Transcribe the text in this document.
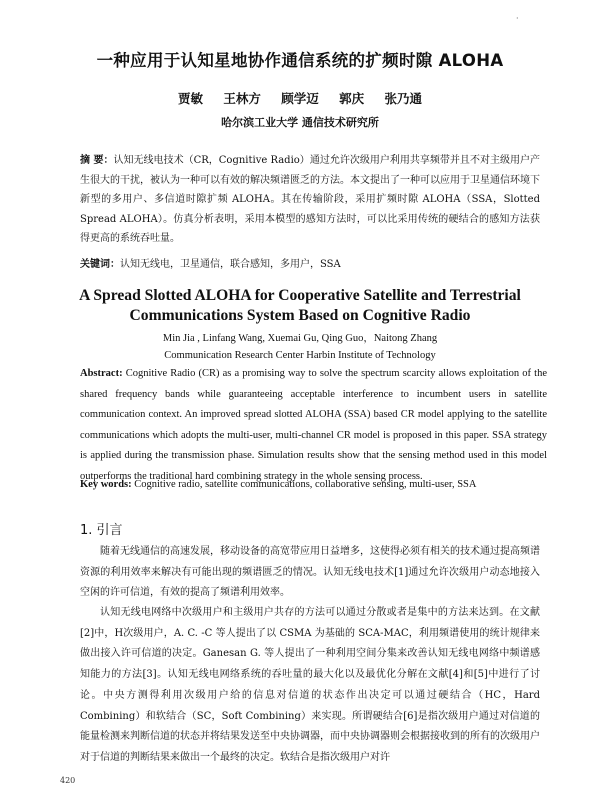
·
一种应用于认知星地协作通信系统的扩频时隙 ALOHA
贾敏 王林方 顾学迈 郭庆 张乃通
哈尔滨工业大学 通信技术研究所
摘 要：认知无线电技术（CR，Cognitive Radio）通过允许次级用户利用共享频带并且不对主级用户产生很大的干扰，被认为一种可以有效的解决频谱匮乏的方法。本文提出了一种可以应用于卫星通信环境下新型的多用户、多信道时隙扩频 ALOHA。其在传输阶段，采用扩频时隙 ALOHA（SSA，Slotted Spread ALOHA）。仿真分析表明，采用本模型的感知方法时，可以比采用传统的硬结合的感知方法获得更高的系统吞吐量。
关键词：认知无线电，卫星通信，联合感知，多用户，SSA
A Spread Slotted ALOHA for Cooperative Satellite and Terrestrial Communications System Based on Cognitive Radio
Min Jia , Linfang Wang, Xuemai Gu, Qing Guo，Naitong Zhang
Communication Research Center Harbin Institute of Technology
Abstract: Cognitive Radio (CR) as a promising way to solve the spectrum scarcity allows exploitation of the shared frequency bands while guaranteeing acceptable interference to incumbent users in satellite communication context. An improved spread slotted ALOHA (SSA) based CR model applying to the satellite communications which adopts the multi-user, multi-channel CR model is proposed in this paper. SSA strategy is applied during the transmission phase. Simulation results show that the sensing method used in this model outperforms the traditional hard combining strategy in the whole sensing process.
Key words: Cognitive radio, satellite communications, collaborative sensing, multi-user, SSA
1. 引言
随着无线通信的高速发展，移动设备的高宽带应用日益增多，这使得必须有相关的技术通过提高频谱资源的利用效率来解决有可能出现的频谱匮乏的情况。认知无线电技术[1]通过允许次级用户动态地接入空闲的许可信道，有效的提高了频谱利用效率。
认知无线电网络中次级用户和主级用户共存的方法可以通过分散或者是集中的方法来达到。在文献[2]中，H次级用户，A. C. -C 等人提出了以 CSMA 为基础的 SCA-MAC，利用频谱使用的统计规律来做出接入许可信道的决定。Ganesan G. 等人提出了一种利用空间分集来改善认知无线电网络中频谱感知能力的方法[3]。认知无线电网络系统的吞吐量的最大化以及最优化分解在文献[4]和[5]中进行了讨论。中央方测得利用次级用户给的信息对信道的状态作出决定可以通过硬结合（HC，Hard Combining）和软结合（SC，Soft Combining）来实现。所谓硬结合[6]是指次级用户通过对信道的能量检测来判断信道的状态并将结果发送至中央协调器，而中央协调器则会根据接收到的所有的次级用户对于信道的判断结果来做出一个最终的决定。软结合是指次级用户对许
420
